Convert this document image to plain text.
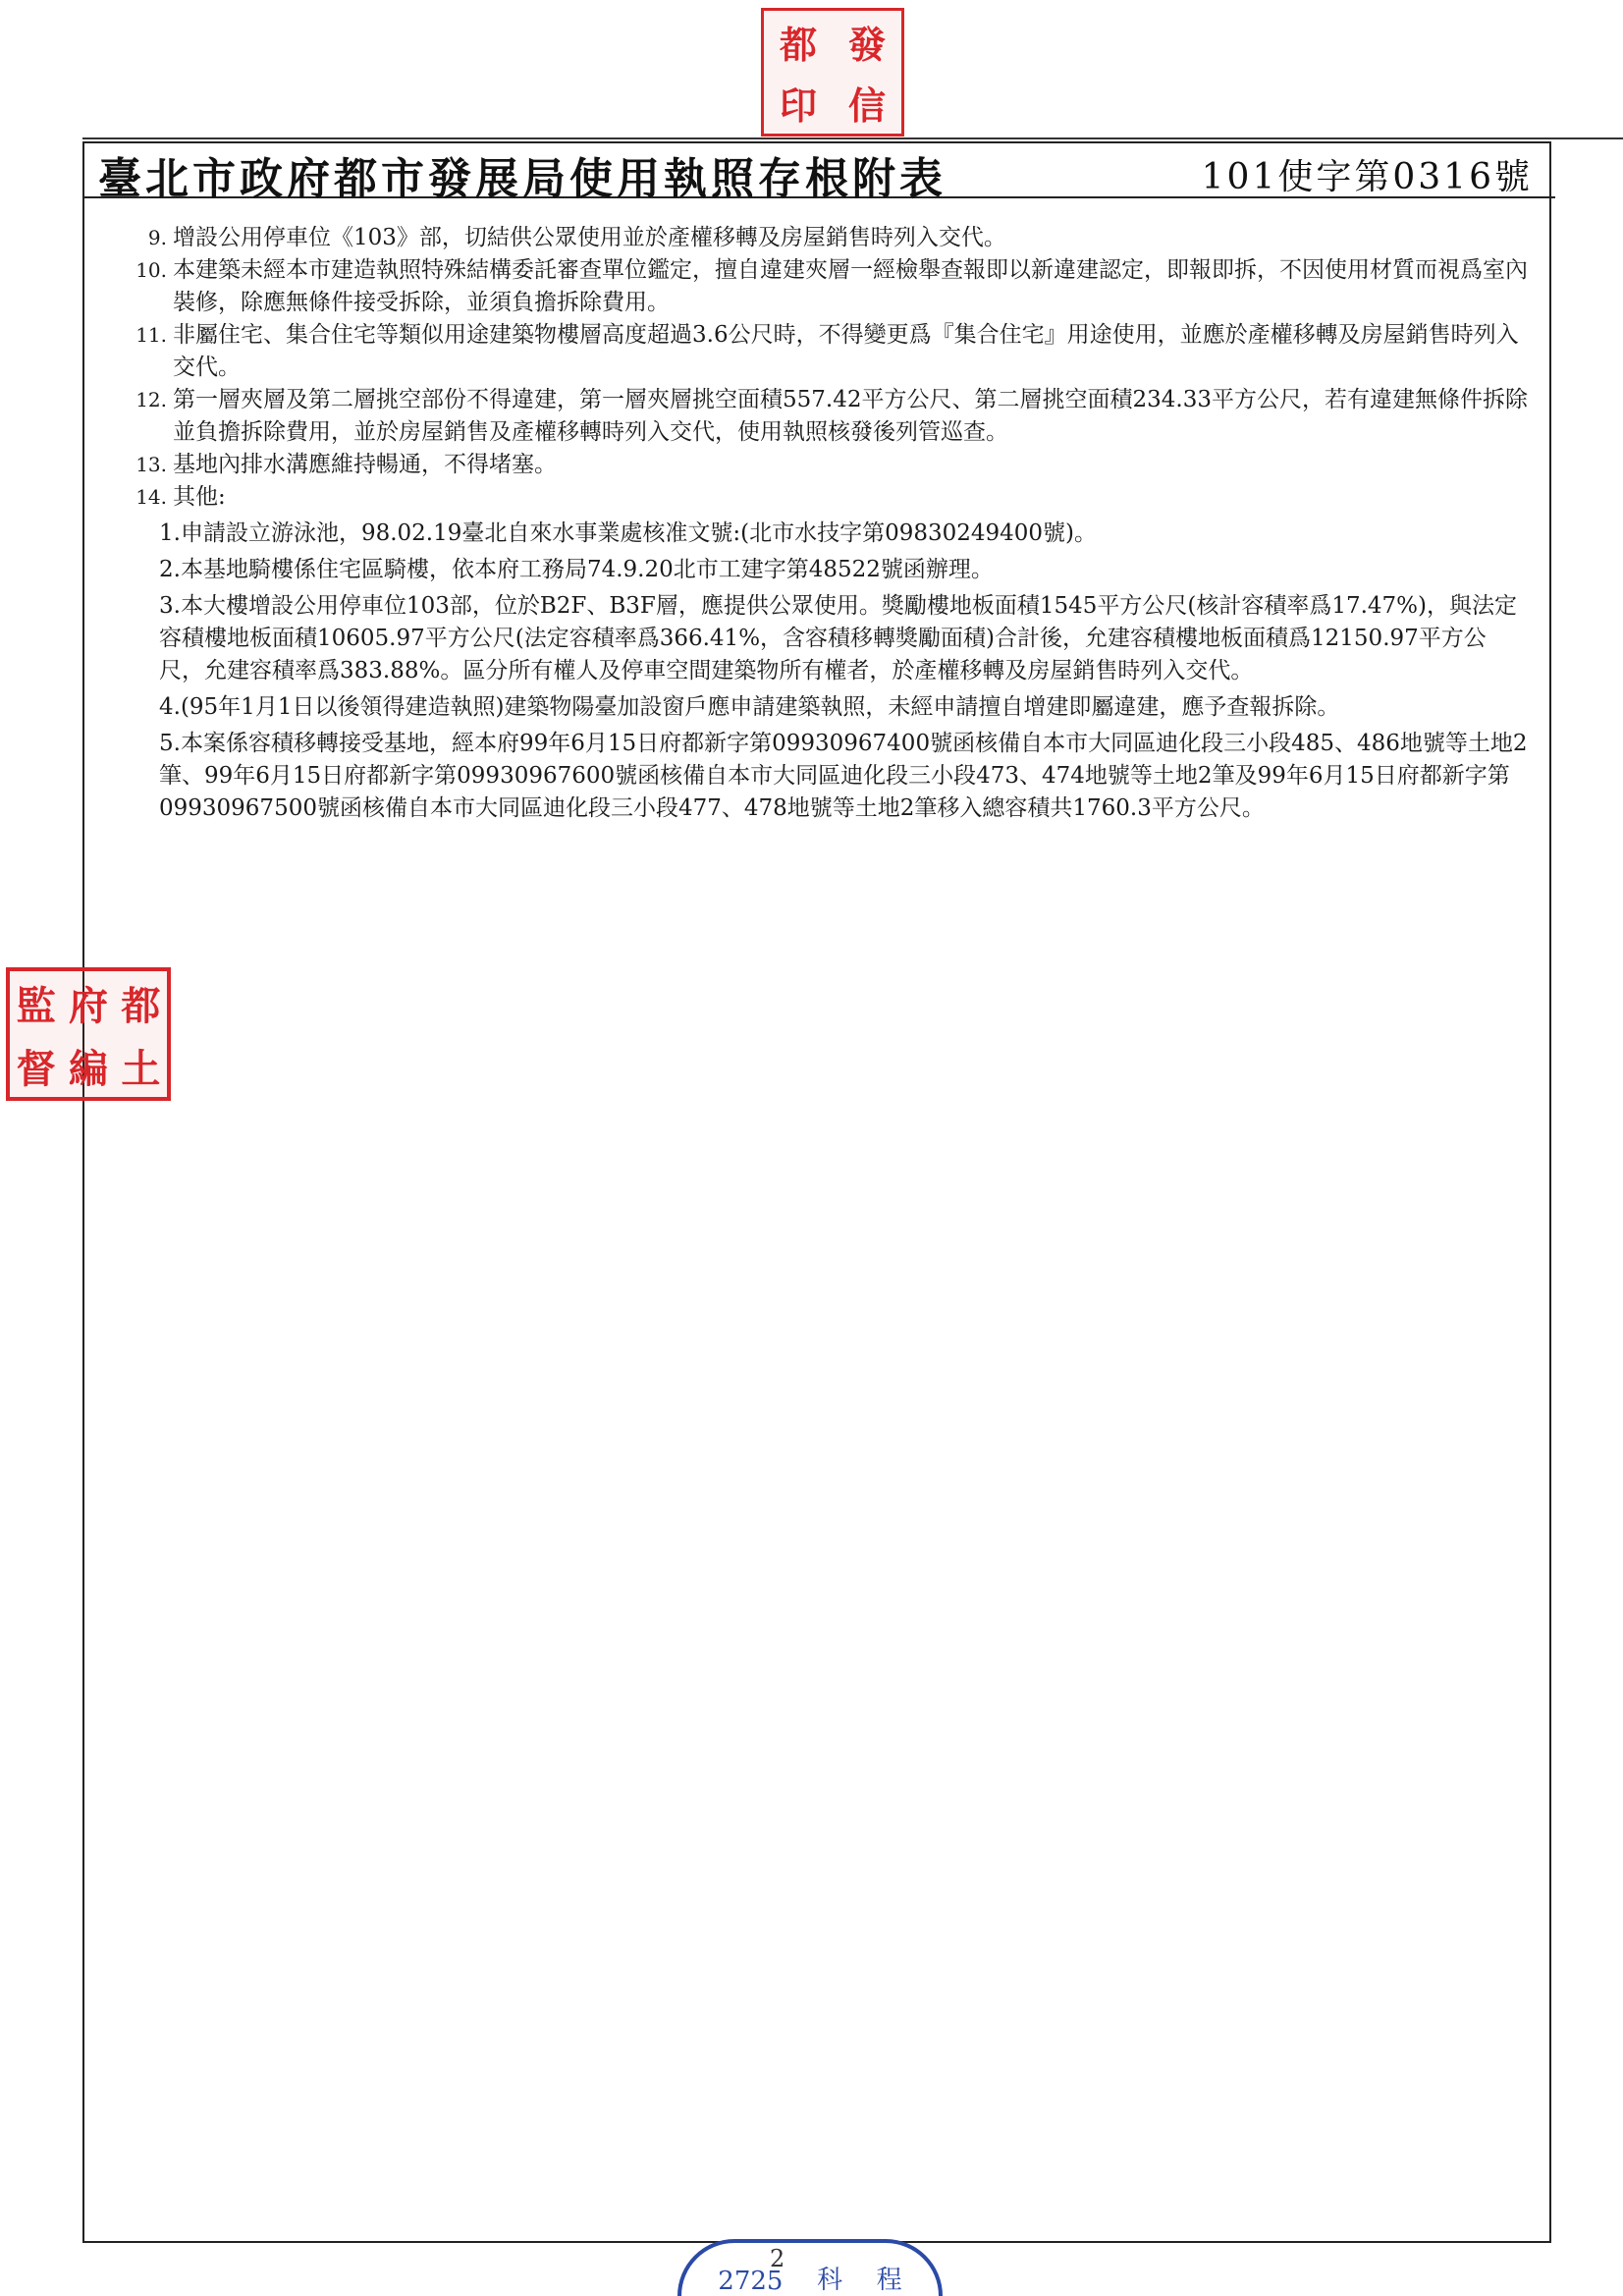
臺北市政府都市發展局使用執照存根附表	101使字第0316號
9. 增設公用停車位《103》部，切結供公眾使用並於產權移轉及房屋銷售時列入交代。
10. 本建築未經本市建造執照特殊結構委託審查單位鑑定，擅自違建夾層一經檢舉查報即以新違建認定，即報即拆，不因使用材質而視爲室內裝修，除應無條件接受拆除，並須負擔拆除費用。
11. 非屬住宅、集合住宅等類似用途建築物樓層高度超過3.6公尺時，不得變更爲『集合住宅』用途使用，並應於產權移轉及房屋銷售時列入交代。
12. 第一層夾層及第二層挑空部份不得違建，第一層夾層挑空面積557.42平方公尺、第二層挑空面積234.33平方公尺，若有違建無條件拆除並負擔拆除費用，並於房屋銷售及產權移轉時列入交代，使用執照核發後列管巡查。
13. 基地內排水溝應維持暢通，不得堵塞。
14. 其他:

1.申請設立游泳池，98.02.19臺北自來水事業處核准文號:(北市水技字第09830249400號)。

2.本基地騎樓係住宅區騎樓，依本府工務局74.9.20北市工建字第48522號函辦理。

3.本大樓增設公用停車位103部，位於B2F、B3F層，應提供公眾使用。獎勵樓地板面積1545平方公尺(核計容積率爲17.47%)，與法定容積樓地板面積10605.97平方公尺(法定容積率爲366.41%，含容積移轉獎勵面積)合計後，允建容積樓地板面積爲12150.97平方公尺，允建容積率爲383.88%。區分所有權人及停車空間建築物所有權者，於產權移轉及房屋銷售時列入交代。

4.(95年1月1日以後領得建造執照)建築物陽臺加設窗戶應申請建築執照，未經申請擅自增建即屬違建，應予查報拆除。

5.本案係容積移轉接受基地，經本府99年6月15日府都新字第09930967400號函核備自本市大同區迪化段三小段485、486地號等土地2筆、99年6月15日府都新字第09930967600號函核備自本市大同區迪化段三小段473、474地號等土地2筆及99年6月15日府都新字第09930967500號函核備自本市大同區迪化段三小段477、478地號等土地2筆移入總容積共1760.3平方公尺。

都 發
印 信
監 府 都
督 編 土
2725 科 程
2
